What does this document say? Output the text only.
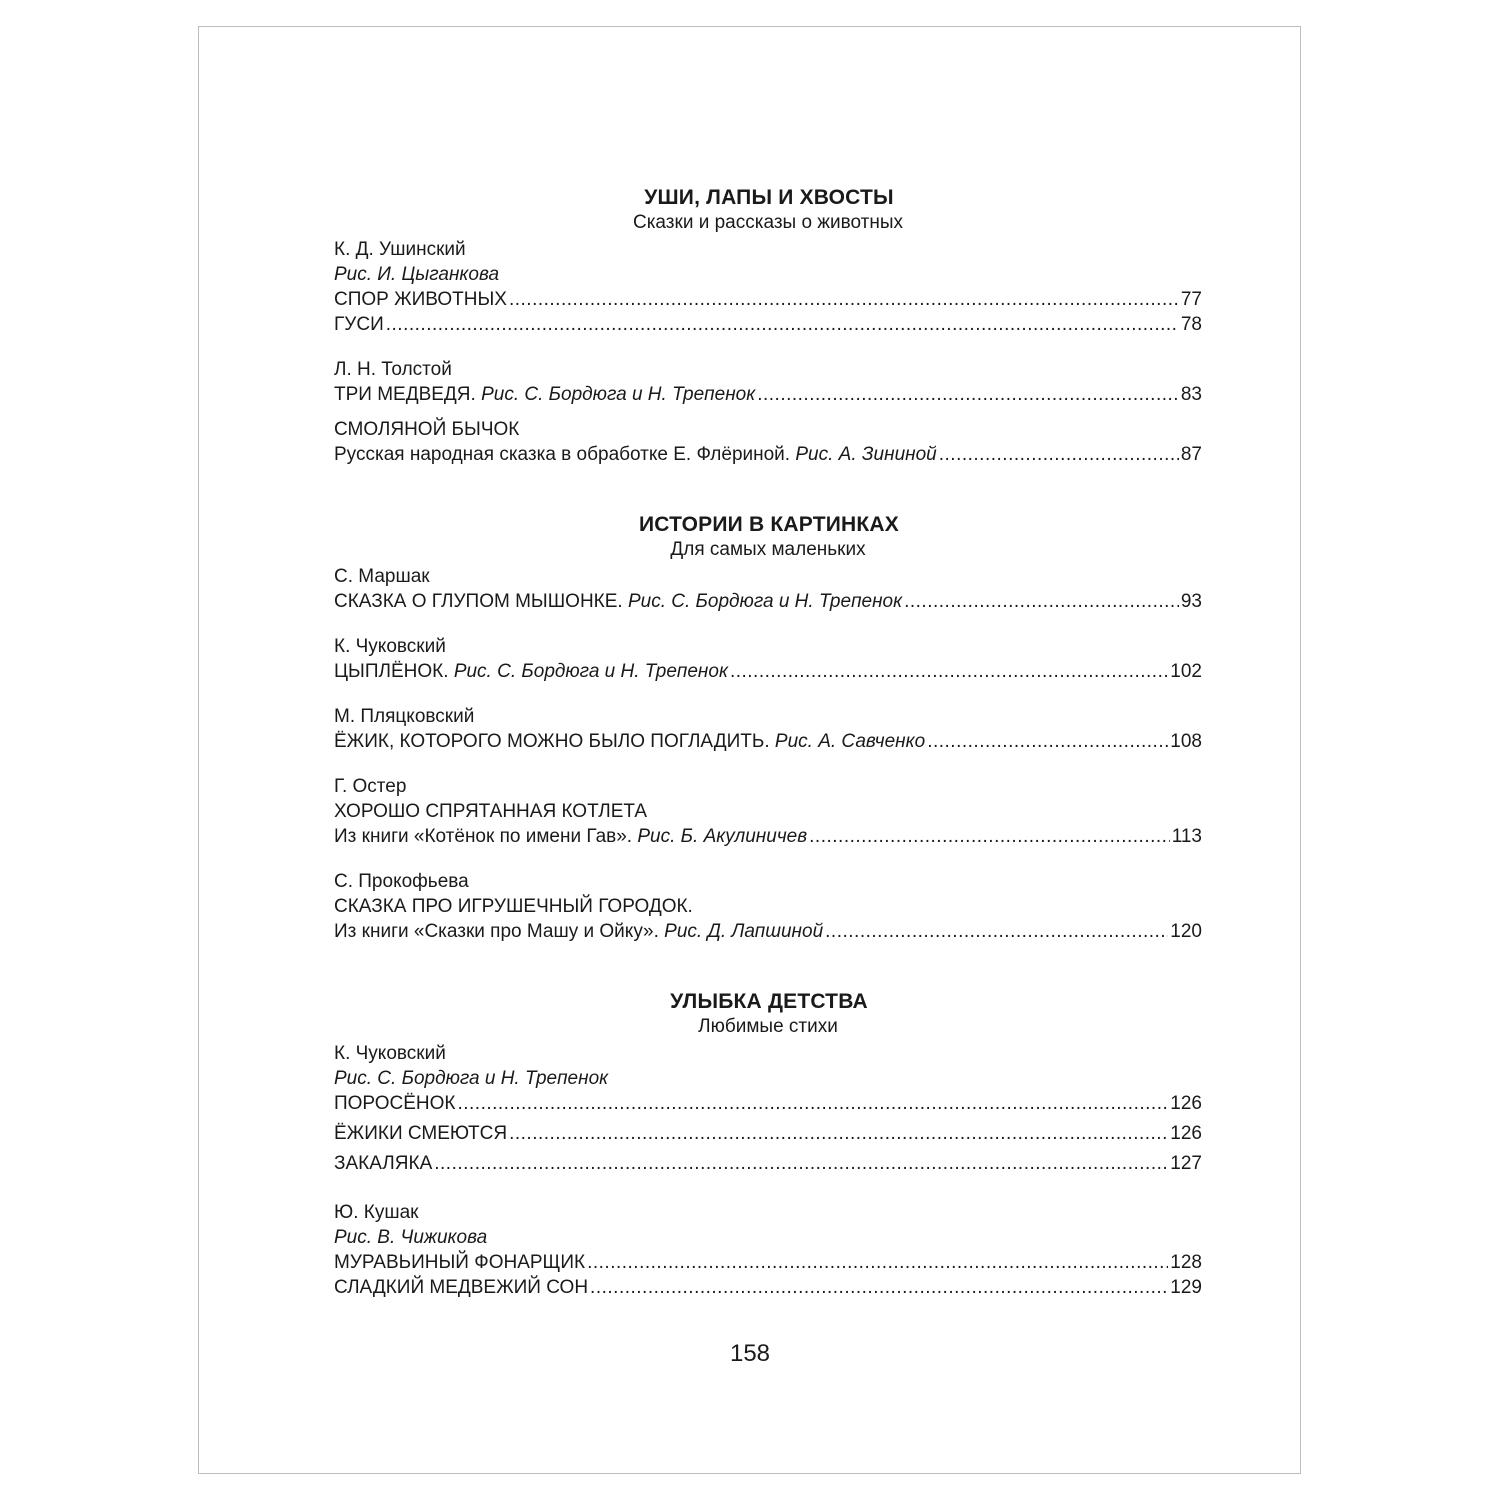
УШИ, ЛАПЫ И ХВОСТЫ
Сказки и рассказы о животных
К. Д. Ушинский
Рис. И. Цыганкова
СПОР ЖИВОТНЫХ .....	77
ГУСИ .....	78
Л. Н. Толстой
ТРИ МЕДВЕДЯ. Рис. С. Бордюга и Н. Трепенок .....	83
СМОЛЯНОЙ БЫЧОК
Русская народная сказка в обработке Е. Флёриной. Рис. А. Зининой .....	87
ИСТОРИИ В КАРТИНКАХ
Для самых маленьких
С. Маршак
СКАЗКА О ГЛУПОМ МЫШОНКЕ. Рис. С. Бордюга и Н. Трепенок .....	93
К. Чуковский
ЦЫПЛЁНОК. Рис. С. Бордюга и Н. Трепенок .....	102
М. Пляцковский
ЁЖИК, КОТОРОГО МОЖНО БЫЛО ПОГЛАДИТЬ. Рис. А. Савченко .....	108
Г. Остер
ХОРОШО СПРЯТАННАЯ КОТЛЕТА
Из книги «Котёнок по имени Гав». Рис. Б. Акулиничев .....	113
С. Прокофьева
СКАЗКА ПРО ИГРУШЕЧНЫЙ ГОРОДОК.
Из книги «Сказки про Машу и Ойку». Рис. Д. Лапшиной .....	120
УЛЫБКА ДЕТСТВА
Любимые стихи
К. Чуковский
Рис. С. Бордюга и Н. Трепенок
ПОРОСЁНОК .....	126
ЁЖИКИ СМЕЮТСЯ .....	126
ЗАКАЛЯКА .....	127
Ю. Кушак
Рис. В. Чижикова
МУРАВЬИНЫЙ ФОНАРЩИК .....	128
СЛАДКИЙ МЕДВЕЖИЙ СОН .....	129
158
